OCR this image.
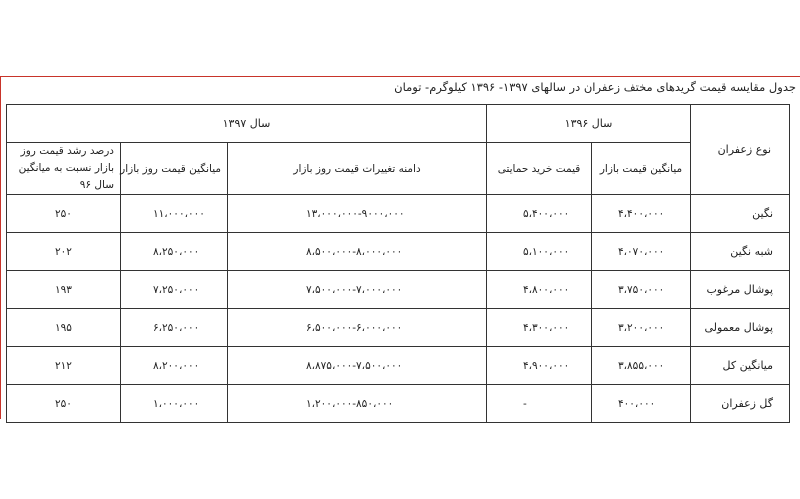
جدول مقایسه قیمت گریدهای مختف زعفران در سالهای ۱۳۹۷- ۱۳۹۶ کیلوگرم- تومان
نوع زعفران	سال ۱۳۹۶		سال ۱۳۹۷		
	میانگین قیمت بازار	قیمت خرید حمایتی	دامنه تغییرات قیمت روز بازار	میانگین قیمت روز بازار	درصد رشد قیمت روز بازار نسبت به میانگین سال ۹۶
نگین	۴،۴۰۰،۰۰۰	۵،۴۰۰،۰۰۰	۱۳،۰۰۰،۰۰۰-۹۰۰۰،۰۰۰	۱۱،۰۰۰،۰۰۰	۲۵۰
شبه نگین	۴،۰۷۰،۰۰۰	۵،۱۰۰،۰۰۰	۸،۵۰۰،۰۰۰-۸،۰۰۰،۰۰۰	۸،۲۵۰،۰۰۰	۲۰۲
پوشال مرغوب	۳،۷۵۰،۰۰۰	۴،۸۰۰،۰۰۰	۷،۵۰۰،۰۰۰-۷،۰۰۰،۰۰۰	۷،۲۵۰،۰۰۰	۱۹۳
پوشال معمولی	۳،۲۰۰،۰۰۰	۴،۳۰۰،۰۰۰	۶،۵۰۰،۰۰۰-۶،۰۰۰،۰۰۰	۶،۲۵۰،۰۰۰	۱۹۵
میانگین کل	۳،۸۵۵،۰۰۰	۴،۹۰۰،۰۰۰	۸،۸۷۵،۰۰۰-۷،۵۰۰،۰۰۰	۸،۲۰۰،۰۰۰	۲۱۲
گل زعفران	۴۰۰،۰۰۰	-	۱،۲۰۰،۰۰۰-۸۵۰،۰۰۰	۱،۰۰۰،۰۰۰	۲۵۰
